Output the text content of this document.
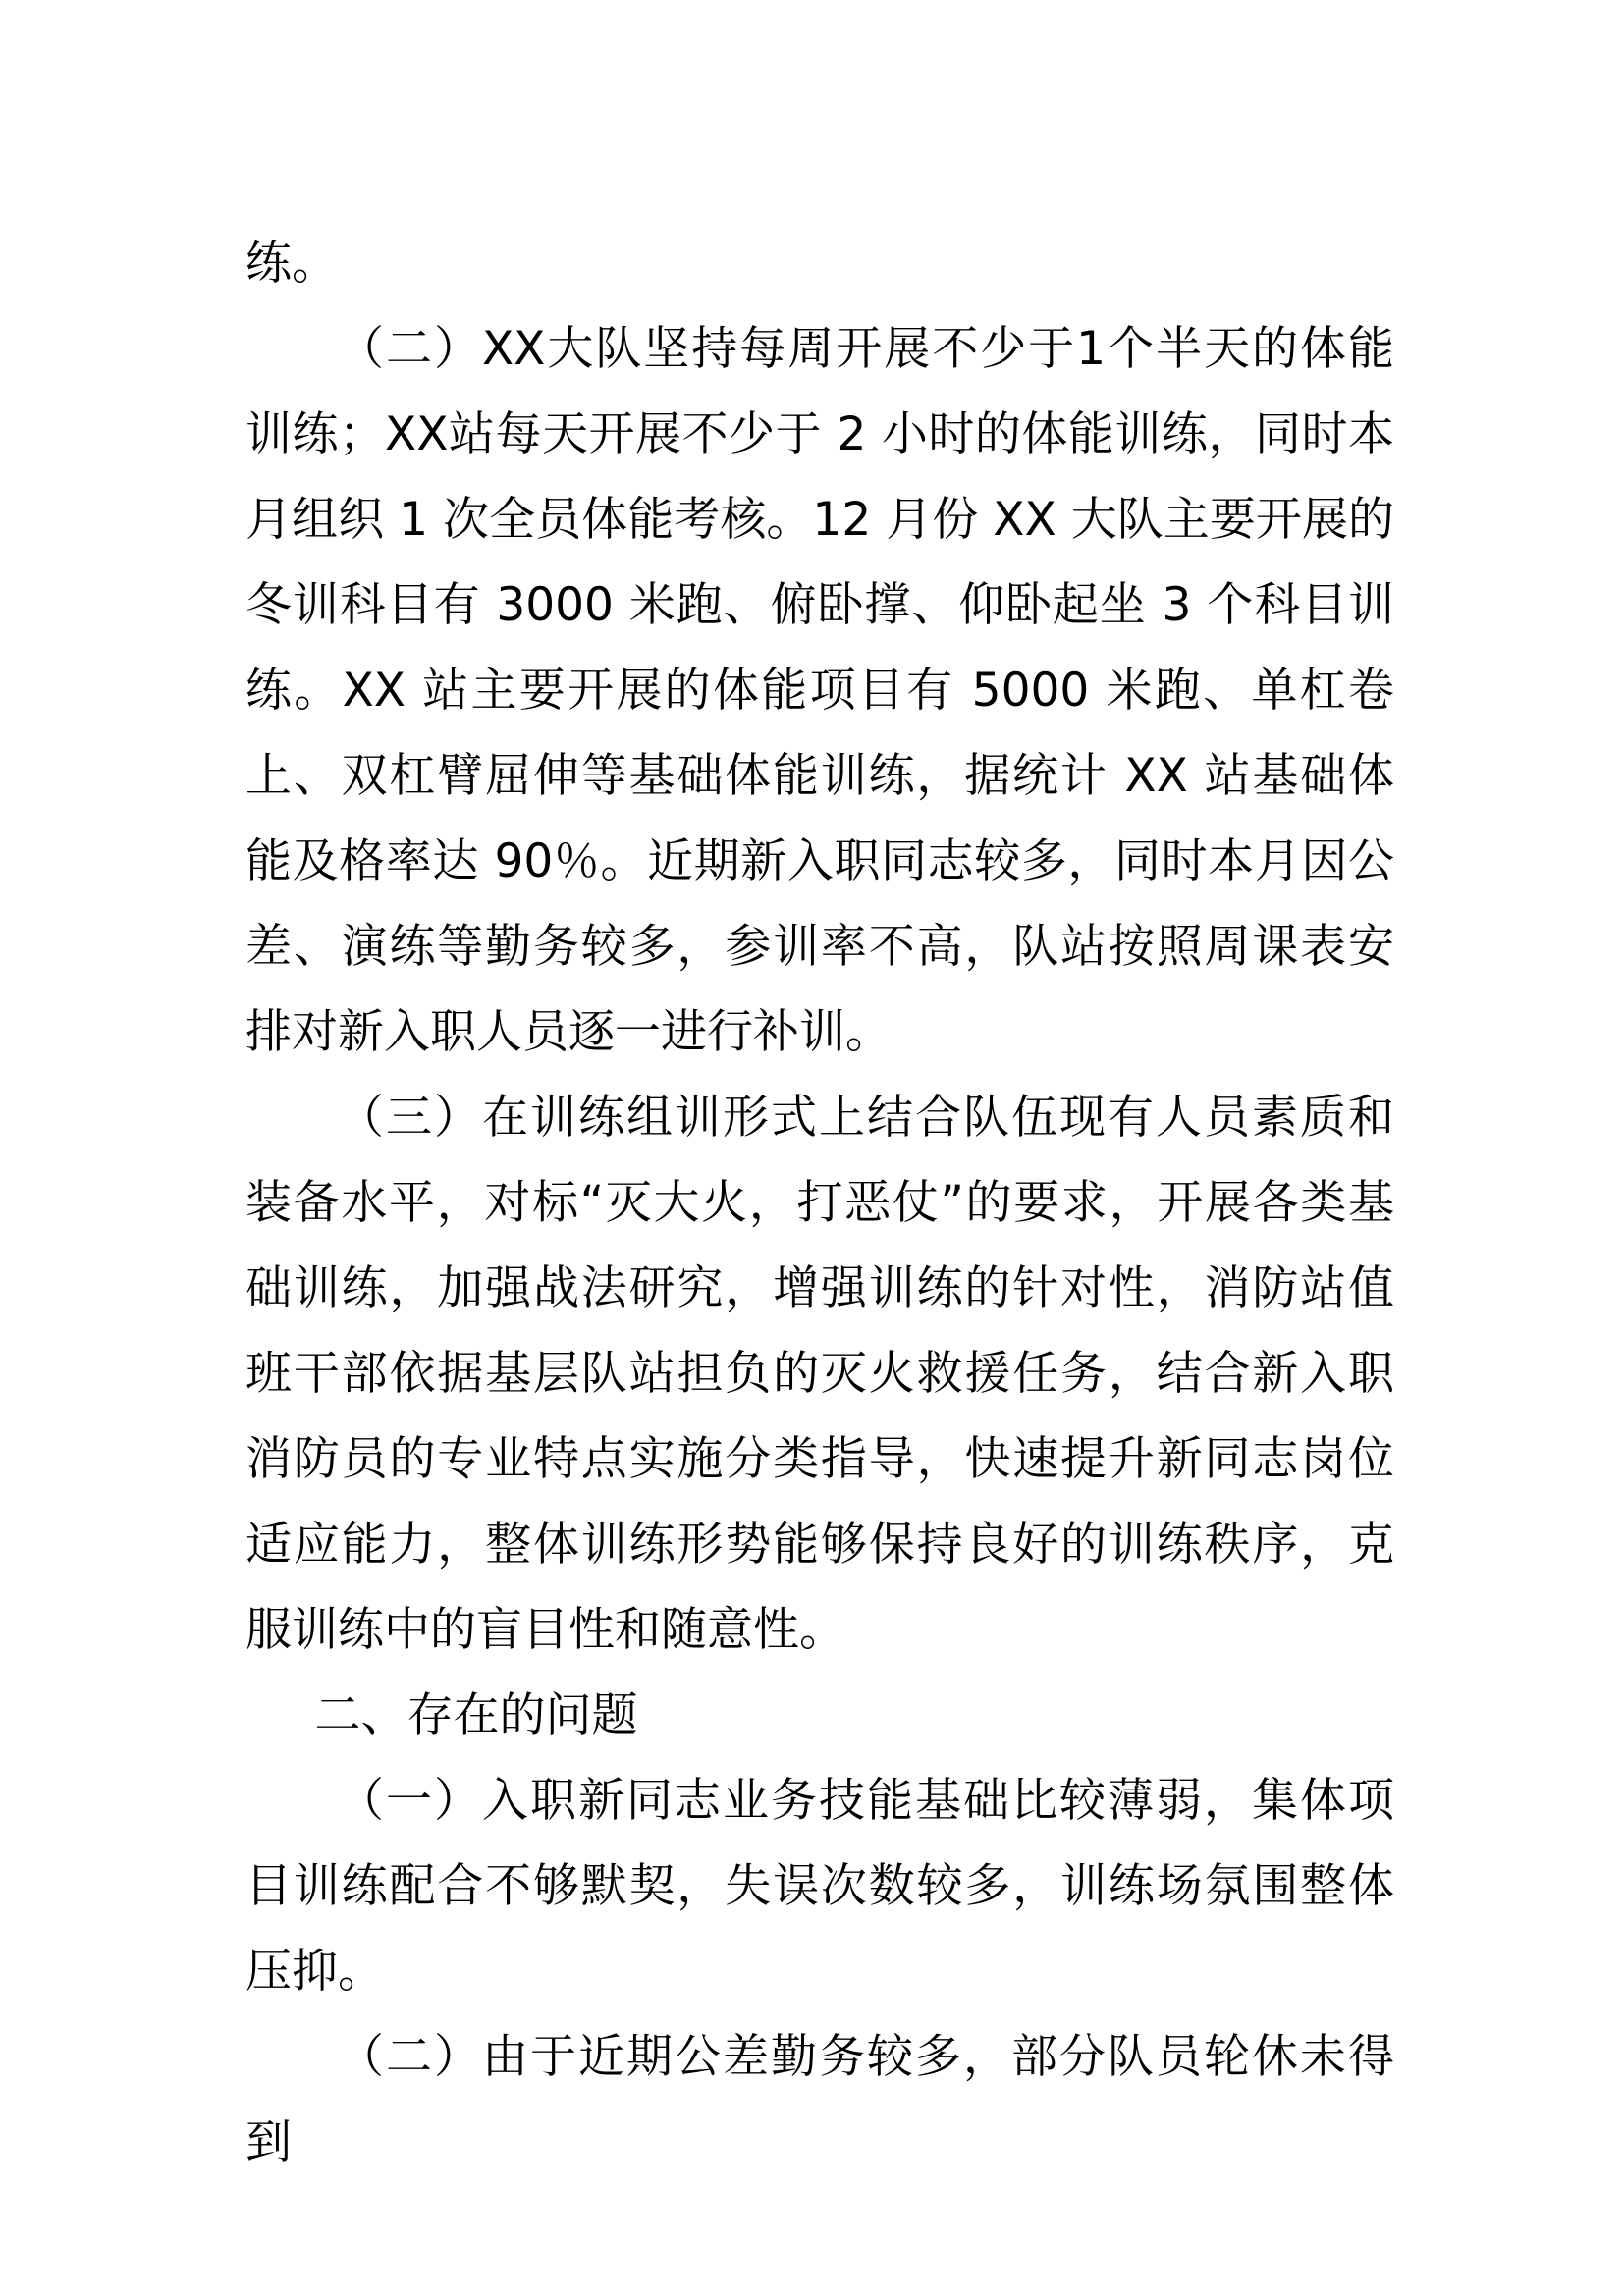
练。

（二）XX大队坚持每周开展不少于1个半天的体能训练；XX站每天开展不少于 2 小时的体能训练，同时本月组织 1 次全员体能考核。12 月份 XX 大队主要开展的冬训科目有 3000 米跑、俯卧撑、仰卧起坐 3 个科目训练。XX 站主要开展的体能项目有 5000 米跑、单杠卷上、双杠臂屈伸等基础体能训练，据统计 XX 站基础体能及格率达 90％。近期新入职同志较多，同时本月因公差、演练等勤务较多，参训率不高，队站按照周课表安排对新入职人员逐一进行补训。

（三）在训练组训形式上结合队伍现有人员素质和装备水平，对标“灭大火，打恶仗”的要求，开展各类基础训练，加强战法研究，增强训练的针对性，消防站值班干部依据基层队站担负的灭火救援任务，结合新入职消防员的专业特点实施分类指导，快速提升新同志岗位适应能力，整体训练形势能够保持良好的训练秩序，克服训练中的盲目性和随意性。

二、存在的问题

（一）入职新同志业务技能基础比较薄弱，集体项目训练配合不够默契，失误次数较多，训练场氛围整体压抑。

（二）由于近期公差勤务较多，部分队员轮休未得到
